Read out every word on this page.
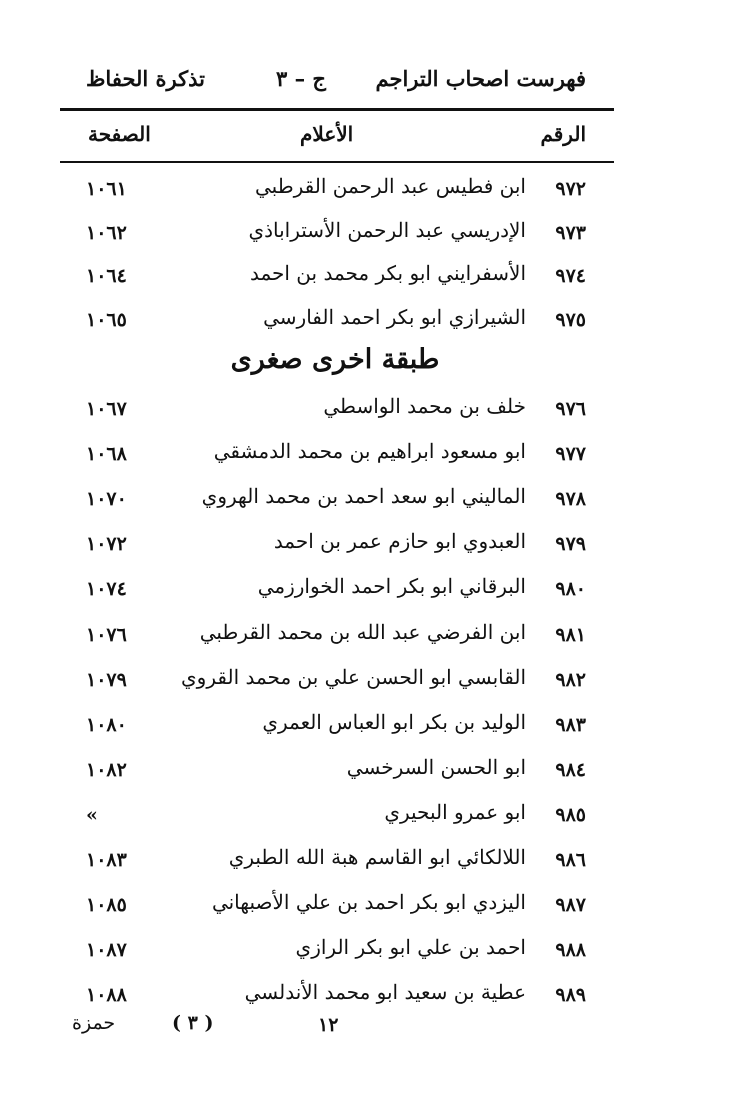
فهرست اصحاب التراجم
ج – ٣
تذكرة الحفاظ
الرقم
الأعلام
الصفحة
٩٧٢
ابن فطيس عبد الرحمن القرطبي
١٠٦١
٩٧٣
الإدريسي عبد الرحمن الأستراباذي
١٠٦٢
٩٧٤
الأسفرايني ابو بكر محمد بن احمد
١٠٦٤
٩٧٥
الشيرازي ابو بكر احمد الفارسي
١٠٦٥
٩٧٦
خلف بن محمد الواسطي
١٠٦٧
٩٧٧
ابو مسعود ابراهيم بن محمد الدمشقي
١٠٦٨
٩٧٨
الماليني ابو سعد احمد بن محمد الهروي
١٠٧٠
٩٧٩
العبدوي ابو حازم عمر بن احمد
١٠٧٢
٩٨٠
البرقاني ابو بكر احمد الخوارزمي
١٠٧٤
٩٨١
ابن الفرضي عبد الله بن محمد القرطبي
١٠٧٦
٩٨٢
القابسي ابو الحسن علي بن محمد القروي
١٠٧٩
٩٨٣
الوليد بن بكر ابو العباس العمري
١٠٨٠
٩٨٤
ابو الحسن السرخسي
١٠٨٢
٩٨٥
ابو عمرو البحيري
»
٩٨٦
اللالكائي ابو القاسم هبة الله الطبري
١٠٨٣
٩٨٧
اليزدي ابو بكر احمد بن علي الأصبهاني
١٠٨٥
٩٨٨
احمد بن علي ابو بكر الرازي
١٠٨٧
٩٨٩
عطية بن سعيد ابو محمد الأندلسي
١٠٨٨
طبقة اخرى صغرى
حمزة	( ٣ )	١٢
